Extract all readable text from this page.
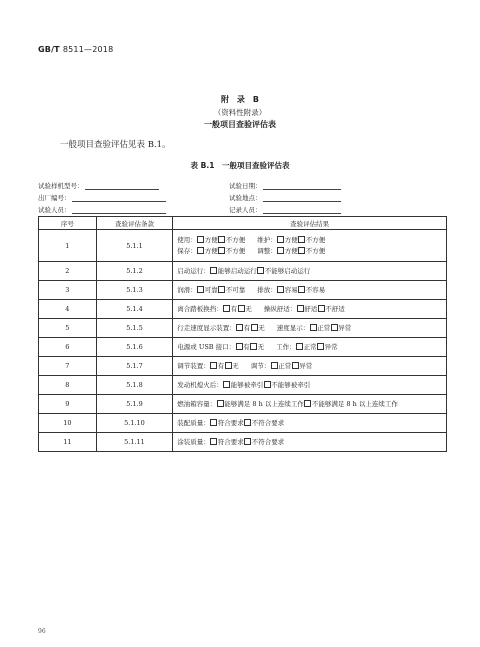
GB/T 8511—2018
附　录　B
（资料性附录）
一般项目查验评估表
一般项目查验评估见表 B.1。
表 B.1　一般项目查验评估表
试验样机型号：	试验日期：
出厂编号：	试验地点：
试验人员：	记录人员：
序号	查验评估条款	查验评估结果
1	5.1.1	使用： 方便 不方便 维护： 方便 不方便
保存： 方便 不方便 调整： 方便 不方便

2	5.1.2	启动运行： 能够启动运行 不能够启动运行

3	5.1.3	润滑： 可靠 不可靠 排放： 容易 不容易

4	5.1.4	离合踏板换挡： 有 无 操纵舒适： 舒适 不舒适

5	5.1.5	行走速度显示装置： 有 无 速度显示： 正常 异常

6	5.1.6	电源或 USB 接口： 有 无 工作： 正常 异常

7	5.1.7	调节装置： 有 无 调节： 正常 异常

8	5.1.8	发动机熄火后： 能够被牵引 不能够被牵引

9	5.1.9	燃油箱容量： 能够满足 8 h 以上连续工作 不能够满足 8 h 以上连续工作

10	5.1.10	装配质量： 符合要求 不符合要求

11	5.1.11	涂装质量： 符合要求 不符合要求
96
